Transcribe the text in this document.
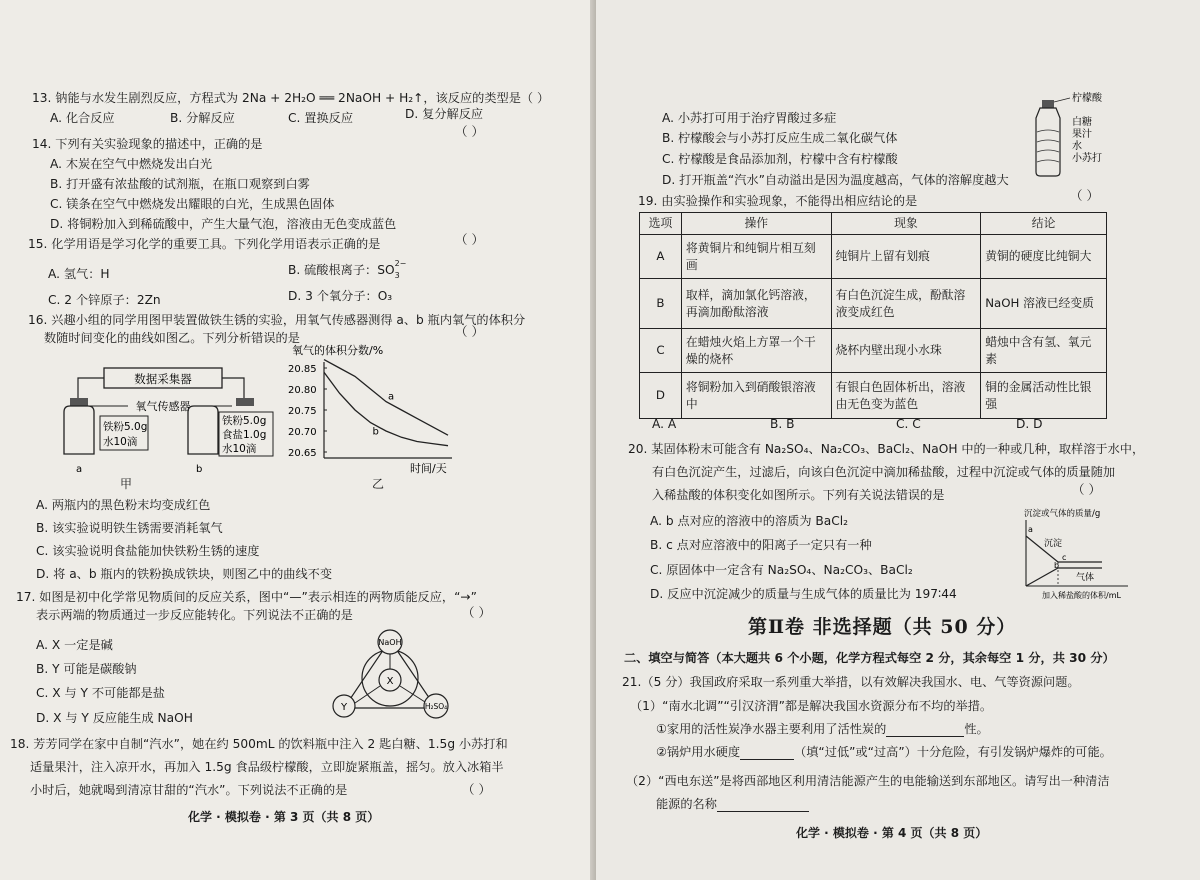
13. 钠能与水发生剧烈反应，方程式为 2Na + 2H₂O ══ 2NaOH + H₂↑，该反应的类型是（ ）
A. 化合反应	B. 分解反应	C. 置换反应	D. 复分解反应
（ ）
14. 下列有关实验现象的描述中，正确的是
A. 木炭在空气中燃烧发出白光
B. 打开盛有浓盐酸的试剂瓶，在瓶口观察到白雾
C. 镁条在空气中燃烧发出耀眼的白光，生成黑色固体
D. 将铜粉加入到稀硫酸中，产生大量气泡，溶液由无色变成蓝色
15. 化学用语是学习化学的重要工具。下列化学用语表示正确的是	（ ）
A. 氢气：H	B. 硫酸根离子：SO 2−
3
C. 2 个锌原子：2Zn	D. 3 个氧分子：O₃
16. 兴趣小组的同学用图甲装置做铁生锈的实验，用氧气传感器测得 a、b 瓶内氧气的体积分
（ ）
数随时间变化的曲线如图乙。下列分析错误的是
数据采集器
氧气传感器
铁粉5.0g
水10滴
a
铁粉5.0g
食盐1.0g
水10滴
b
甲
氧气的体积分数/%
20.85
20.80
20.75
20.70
20.65
a
b
时间/天
乙
A. 两瓶内的黑色粉末均变成红色
B. 该实验说明铁生锈需要消耗氧气
C. 该实验说明食盐能加快铁粉生锈的速度
D. 将 a、b 瓶内的铁粉换成铁块，则图乙中的曲线不变
17. 如图是初中化学常见物质间的反应关系，图中“—”表示相连的两物质能反应，“→”
表示两端的物质通过一步反应能转化。下列说法不正确的是	（ ）
A. X 一定是碱
B. Y 可能是碳酸钠
C. X 与 Y 不可能都是盐
D. X 与 Y 反应能生成 NaOH
NaOH
X
Y	H₂SO₄
18. 芳芳同学在家中自制“汽水”，她在约 500mL 的饮料瓶中注入 2 匙白糖、1.5g 小苏打和
适量果汁，注入凉开水，再加入 1.5g 食品级柠檬酸，立即旋紧瓶盖，摇匀。放入冰箱半
小时后，她就喝到清凉甘甜的“汽水”。下列说法不正确的是	（ ）
化学 · 模拟卷 · 第 3 页（共 8 页）
A. 小苏打可用于治疗胃酸过多症
B. 柠檬酸会与小苏打反应生成二氧化碳气体
C. 柠檬酸是食品添加剂，柠檬中含有柠檬酸
D. 打开瓶盖“汽水”自动溢出是因为温度越高，气体的溶解度越大
柠檬酸
白糖
果汁
水
小苏打
19. 由实验操作和实验现象，不能得出相应结论的是	（ ）
选项	操作	现象	结论
A	将黄铜片和纯铜片相互刻画	纯铜片上留有划痕	黄铜的硬度比纯铜大
B	取样，滴加氯化钙溶液，再滴加酚酞溶液	有白色沉淀生成，酚酞溶液变成红色	NaOH 溶液已经变质
C	在蜡烛火焰上方罩一个干燥的烧杯	烧杯内壁出现小水珠	蜡烛中含有氢、氧元素
D	将铜粉加入到硝酸银溶液中	有银白色固体析出，溶液由无色变为蓝色	铜的金属活动性比银强
A. A	B. B	C. C	D. D
20. 某固体粉末可能含有 Na₂SO₄、Na₂CO₃、BaCl₂、NaOH 中的一种或几种，取样溶于水中，
有白色沉淀产生，过滤后，向该白色沉淀中滴加稀盐酸，过程中沉淀或气体的质量随加
入稀盐酸的体积变化如图所示。下列有关说法错误的是	（ ）
A. b 点对应的溶液中的溶质为 BaCl₂
B. c 点对应溶液中的阳离子一定只有一种
C. 原固体中一定含有 Na₂SO₄、Na₂CO₃、BaCl₂
D. 反应中沉淀减少的质量与生成气体的质量比为 197∶44
沉淀或气体的质量/g
a
沉淀
b
c
气体
加入稀盐酸的体积/mL
第Ⅱ卷 非选择题（共 50 分）
二、填空与简答（本大题共 6 个小题，化学方程式每空 2 分，其余每空 1 分，共 30 分）
21.（5 分）我国政府采取一系列重大举措，以有效解决我国水、电、气等资源问题。
（1）“南水北调”“引汉济渭”都是解决我国水资源分布不均的举措。
①家用的活性炭净水器主要利用了活性炭的	性。
②锅炉用水硬度	（填“过低”或“过高”）十分危险，有引发锅炉爆炸的可能。
（2）“西电东送”是将西部地区利用清洁能源产生的电能输送到东部地区。请写出一种清洁
能源的名称
化学 · 模拟卷 · 第 4 页（共 8 页）
